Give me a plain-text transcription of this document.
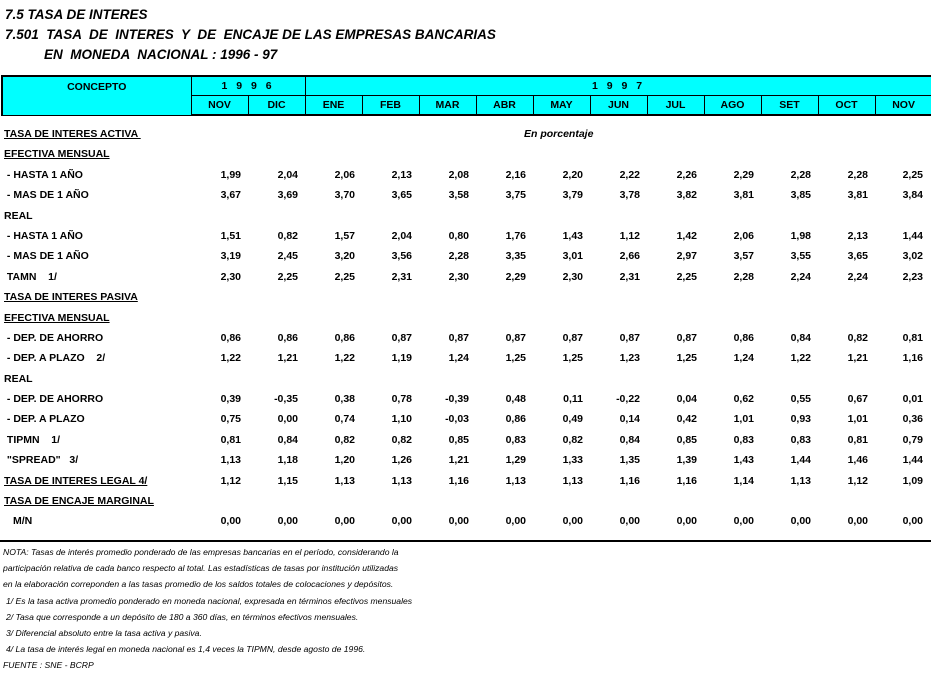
7.5 TASA DE INTERES
7.501  TASA  DE  INTERES  Y  DE  ENCAJE DE LAS EMPRESAS BANCARIAS
EN  MONEDA  NACIONAL : 1996 - 97
CONCEPTO	1 9 9 6		1 9 9 7										
	NOV	DIC	ENE	FEB	MAR	ABR	MAY	JUN	JUL	AGO	SET	OCT	NOV
En porcentaje
TASA DE INTERES ACTIVA
EFECTIVA MENSUAL
- HASTA 1 AÑO	1,99	2,04	2,06	2,13	2,08	2,16	2,20	2,22	2,26	2,29	2,28	2,28	2,25
- MAS DE 1 AÑO	3,67	3,69	3,70	3,65	3,58	3,75	3,79	3,78	3,82	3,81	3,85	3,81	3,84
REAL
- HASTA 1 AÑO	1,51	0,82	1,57	2,04	0,80	1,76	1,43	1,12	1,42	2,06	1,98	2,13	1,44
- MAS DE 1 AÑO	3,19	2,45	3,20	3,56	2,28	3,35	3,01	2,66	2,97	3,57	3,55	3,65	3,02
TAMN    1/	2,30	2,25	2,25	2,31	2,30	2,29	2,30	2,31	2,25	2,28	2,24	2,24	2,23
TASA DE INTERES PASIVA
EFECTIVA MENSUAL
- DEP. DE AHORRO	0,86	0,86	0,86	0,87	0,87	0,87	0,87	0,87	0,87	0,86	0,84	0,82	0,81
- DEP. A PLAZO    2/	1,22	1,21	1,22	1,19	1,24	1,25	1,25	1,23	1,25	1,24	1,22	1,21	1,16
REAL
- DEP. DE AHORRO	0,39	-0,35	0,38	0,78	-0,39	0,48	0,11	-0,22	0,04	0,62	0,55	0,67	0,01
- DEP. A PLAZO	0,75	0,00	0,74	1,10	-0,03	0,86	0,49	0,14	0,42	1,01	0,93	1,01	0,36
TIPMN    1/	0,81	0,84	0,82	0,82	0,85	0,83	0,82	0,84	0,85	0,83	0,83	0,81	0,79
"SPREAD"   3/	1,13	1,18	1,20	1,26	1,21	1,29	1,33	1,35	1,39	1,43	1,44	1,46	1,44
TASA DE INTERES LEGAL 4/	1,12	1,15	1,13	1,13	1,16	1,13	1,13	1,16	1,16	1,14	1,13	1,12	1,09
TASA DE ENCAJE MARGINAL
M/N	0,00	0,00	0,00	0,00	0,00	0,00	0,00	0,00	0,00	0,00	0,00	0,00	0,00
NOTA: Tasas de interés promedio ponderado de las empresas bancarias en el período, considerando la
participación relativa de cada banco respecto al total. Las estadísticas de tasas por institución utilizadas
en la elaboración correponden a las tasas promedio de los saldos totales de colocaciones y depósitos.
1/ Es la tasa activa promedio ponderado en moneda nacional, expresada en términos efectivos mensuales
2/ Tasa que corresponde a un depósito de 180 a 360 días, en términos efectivos mensuales.
3/ Diferencial absoluto entre la tasa activa y pasiva.
4/ La tasa de interés legal en moneda nacional es 1,4 veces la TIPMN, desde agosto de 1996.
FUENTE : SNE - BCRP
